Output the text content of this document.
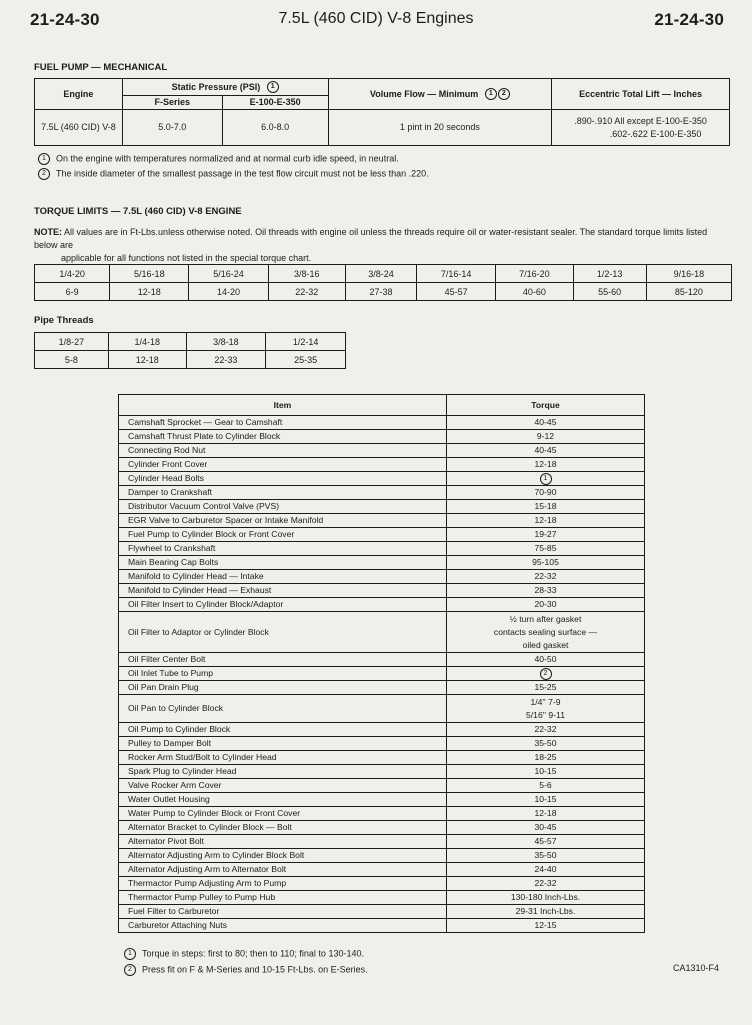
21-24-30	7.5L (460 CID) V-8 Engines	21-24-30
FUEL PUMP — MECHANICAL
Engine	Static Pressure (PSI) 1		Volume Flow — Minimum 1 2	Eccentric Total Lift — Inches
	F-Series	E-100-E-350		
7.5L (460 CID) V-8	5.0-7.0	6.0-8.0	1 pint in 20 seconds	.890-.910 All except E-100-E-350
.602-.622 E-100-E-350
1 On the engine with temperatures normalized and at normal curb idle speed, in neutral.
2 The inside diameter of the smallest passage in the test flow circuit must not be less than .220.
TORQUE LIMITS — 7.5L (460 CID) V-8 ENGINE
NOTE: All values are in Ft-Lbs.unless otherwise noted. Oil threads with engine oil unless the threads require oil or water-resistant sealer. The standard torque limits listed below are
applicable for all functions not listed in the special torque chart.
1/4-20	5/16-18	5/16-24	3/8-16	3/8-24	7/16-14	7/16-20	1/2-13	9/16-18
6-9	12-18	14-20	22-32	27-38	45-57	40-60	55-60	85-120
Pipe Threads
1/8-27	1/4-18	3/8-18	1/2-14
5-8	12-18	22-33	25-35
Item	Torque
Camshaft Sprocket — Gear to Camshaft	40-45
Camshaft Thrust Plate to Cylinder Block	9-12
Connecting Rod Nut	40-45
Cylinder Front Cover	12-18
Cylinder Head Bolts	1
Damper to Crankshaft	70-90
Distributor Vacuum Control Valve (PVS)	15-18
EGR Valve to Carburetor Spacer or Intake Manifold	12-18
Fuel Pump to Cylinder Block or Front Cover	19-27
Flywheel to Crankshaft	75-85
Main Bearing Cap Bolts	95-105
Manifold to Cylinder Head — Intake	22-32
Manifold to Cylinder Head — Exhaust	28-33
Oil Filter Insert to Cylinder Block/Adaptor	20-30
Oil Filter to Adaptor or Cylinder Block	½ turn after gasket
contacts sealing surface —
oiled gasket

Oil Filter Center Bolt	40-50
Oil Inlet Tube to Pump	2
Oil Pan Drain Plug	15-25
Oil Pan to Cylinder Block	1/4'' 7-9
5/16'' 9-11

Oil Pump to Cylinder Block	22-32
Pulley to Damper Bolt	35-50
Rocker Arm Stud/Bolt to Cylinder Head	18-25
Spark Plug to Cylinder Head	10-15
Valve Rocker Arm Cover	5-6
Water Outlet Housing	10-15
Water Pump to Cylinder Block or Front Cover	12-18
Alternator Bracket to Cylinder Block — Bolt	30-45
Alternator Pivot Bolt	45-57
Alternator Adjusting Arm to Cylinder Block Bolt	35-50
Alternator Adjusting Arm to Alternator Bolt	24-40
Thermactor Pump Adjusting Arm to Pump	22-32
Thermactor Pump Pulley to Pump Hub	130-180 Inch-Lbs.
Fuel Filter to Carburetor	29-31 Inch-Lbs.
Carburetor Attaching Nuts	12-15
1 Torque in steps: first to 80; then to 110; final to 130-140.
2 Press fit on F & M-Series and 10-15 Ft-Lbs. on E-Series.	CA1310-F4
